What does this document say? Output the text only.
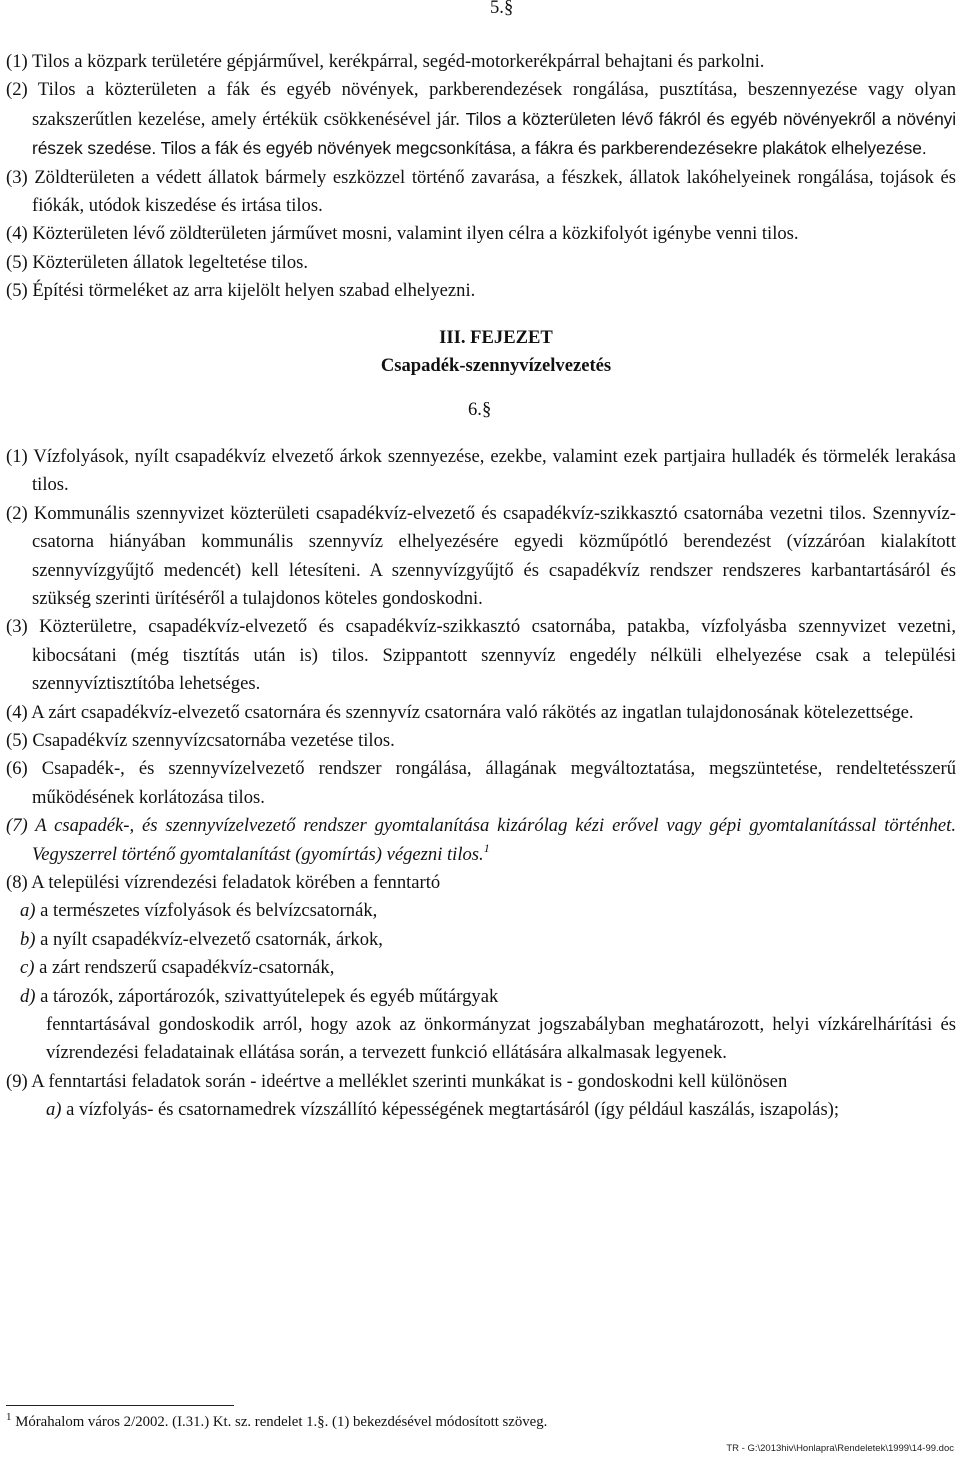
5.§

(1) Tilos a közpark területére gépjárművel, kerékpárral, segéd-motorkerékpárral behajtani és parkolni.

(2) Tilos a közterületen a fák és egyéb növények, parkberendezések rongálása, pusztítása, beszennyezése vagy olyan szakszerűtlen kezelése, amely értékük csökkenésével jár. Tilos a közterületen lévő fákról és egyéb növényekről a növényi részek szedése. Tilos a fák és egyéb növények megcsonkítása, a fákra és parkberendezésekre plakátok elhelyezése.

(3) Zöldterületen a védett állatok bármely eszközzel történő zavarása, a fészkek, állatok lakóhelyeinek rongálása, tojások és fiókák, utódok kiszedése és irtása tilos.

(4) Közterületen lévő zöldterületen járművet mosni, valamint ilyen célra a közkifolyót igénybe venni tilos.

(5) Közterületen állatok legeltetése tilos.

(5) Építési törmeléket az arra kijelölt helyen szabad elhelyezni.

III. FEJEZET

Csapadék-szennyvízelvezetés

6.§

(1) Vízfolyások, nyílt csapadékvíz elvezető árkok szennyezése, ezekbe, valamint ezek partjaira hulladék és törmelék lerakása tilos.

(2) Kommunális szennyvizet közterületi csapadékvíz-elvezető és csapadékvíz-szikkasztó csatornába vezetni tilos. Szennyvíz-csatorna hiányában kommunális szennyvíz elhelyezésére egyedi közműpótló berendezést (vízzáróan kialakított szennyvízgyűjtő medencét) kell létesíteni. A szennyvízgyűjtő és csapadékvíz rendszer rendszeres karbantartásáról és szükség szerinti ürítéséről a tulajdonos köteles gondoskodni.

(3) Közterületre, csapadékvíz-elvezető és csapadékvíz-szikkasztó csatornába, patakba, vízfolyásba szennyvizet vezetni, kibocsátani (még tisztítás után is) tilos. Szippantott szennyvíz engedély nélküli elhelyezése csak a települési szennyvíztisztítóba lehetséges.

(4) A zárt csapadékvíz-elvezető csatornára és szennyvíz csatornára való rákötés az ingatlan tulajdonosának kötelezettsége.

(5) Csapadékvíz szennyvízcsatornába vezetése tilos.

(6) Csapadék-, és szennyvízelvezető rendszer rongálása, állagának megváltoztatása, megszüntetése, rendeltetésszerű működésének korlátozása tilos.

(7) A csapadék-, és szennyvízelvezető rendszer gyomtalanítása kizárólag kézi erővel vagy gépi gyomtalanítással történhet. Vegyszerrel történő gyomtalanítást (gyomírtás) végezni tilos.$^1$

(8) A települési vízrendezési feladatok körében a fenntartó

a) a természetes vízfolyások és belvízcsatornák,

b) a nyílt csapadékvíz-elvezető csatornák, árkok,

c) a zárt rendszerű csapadékvíz-csatornák,

d) a tározók, záportározók, szivattyútelepek és egyéb műtárgyak

fenntartásával gondoskodik arról, hogy azok az önkormányzat jogszabályban meghatározott, helyi vízkárelhárítási és vízrendezési feladatainak ellátása során, a tervezett funkció ellátására alkalmasak legyenek.

(9) A fenntartási feladatok során - ideértve a melléklet szerinti munkákat is - gondoskodni kell különösen

a) a vízfolyás- és csatornamedrek vízszállító képességének megtartásáról (így például kaszálás, iszapolás);

$^1$ Mórahalom város 2/2002. (I.31.) Kt. sz. rendelet 1.§. (1) bekezdésével módosított szöveg.
TR - G:\2013hiv\Honlapra\Rendeletek\1999\14-99.doc
